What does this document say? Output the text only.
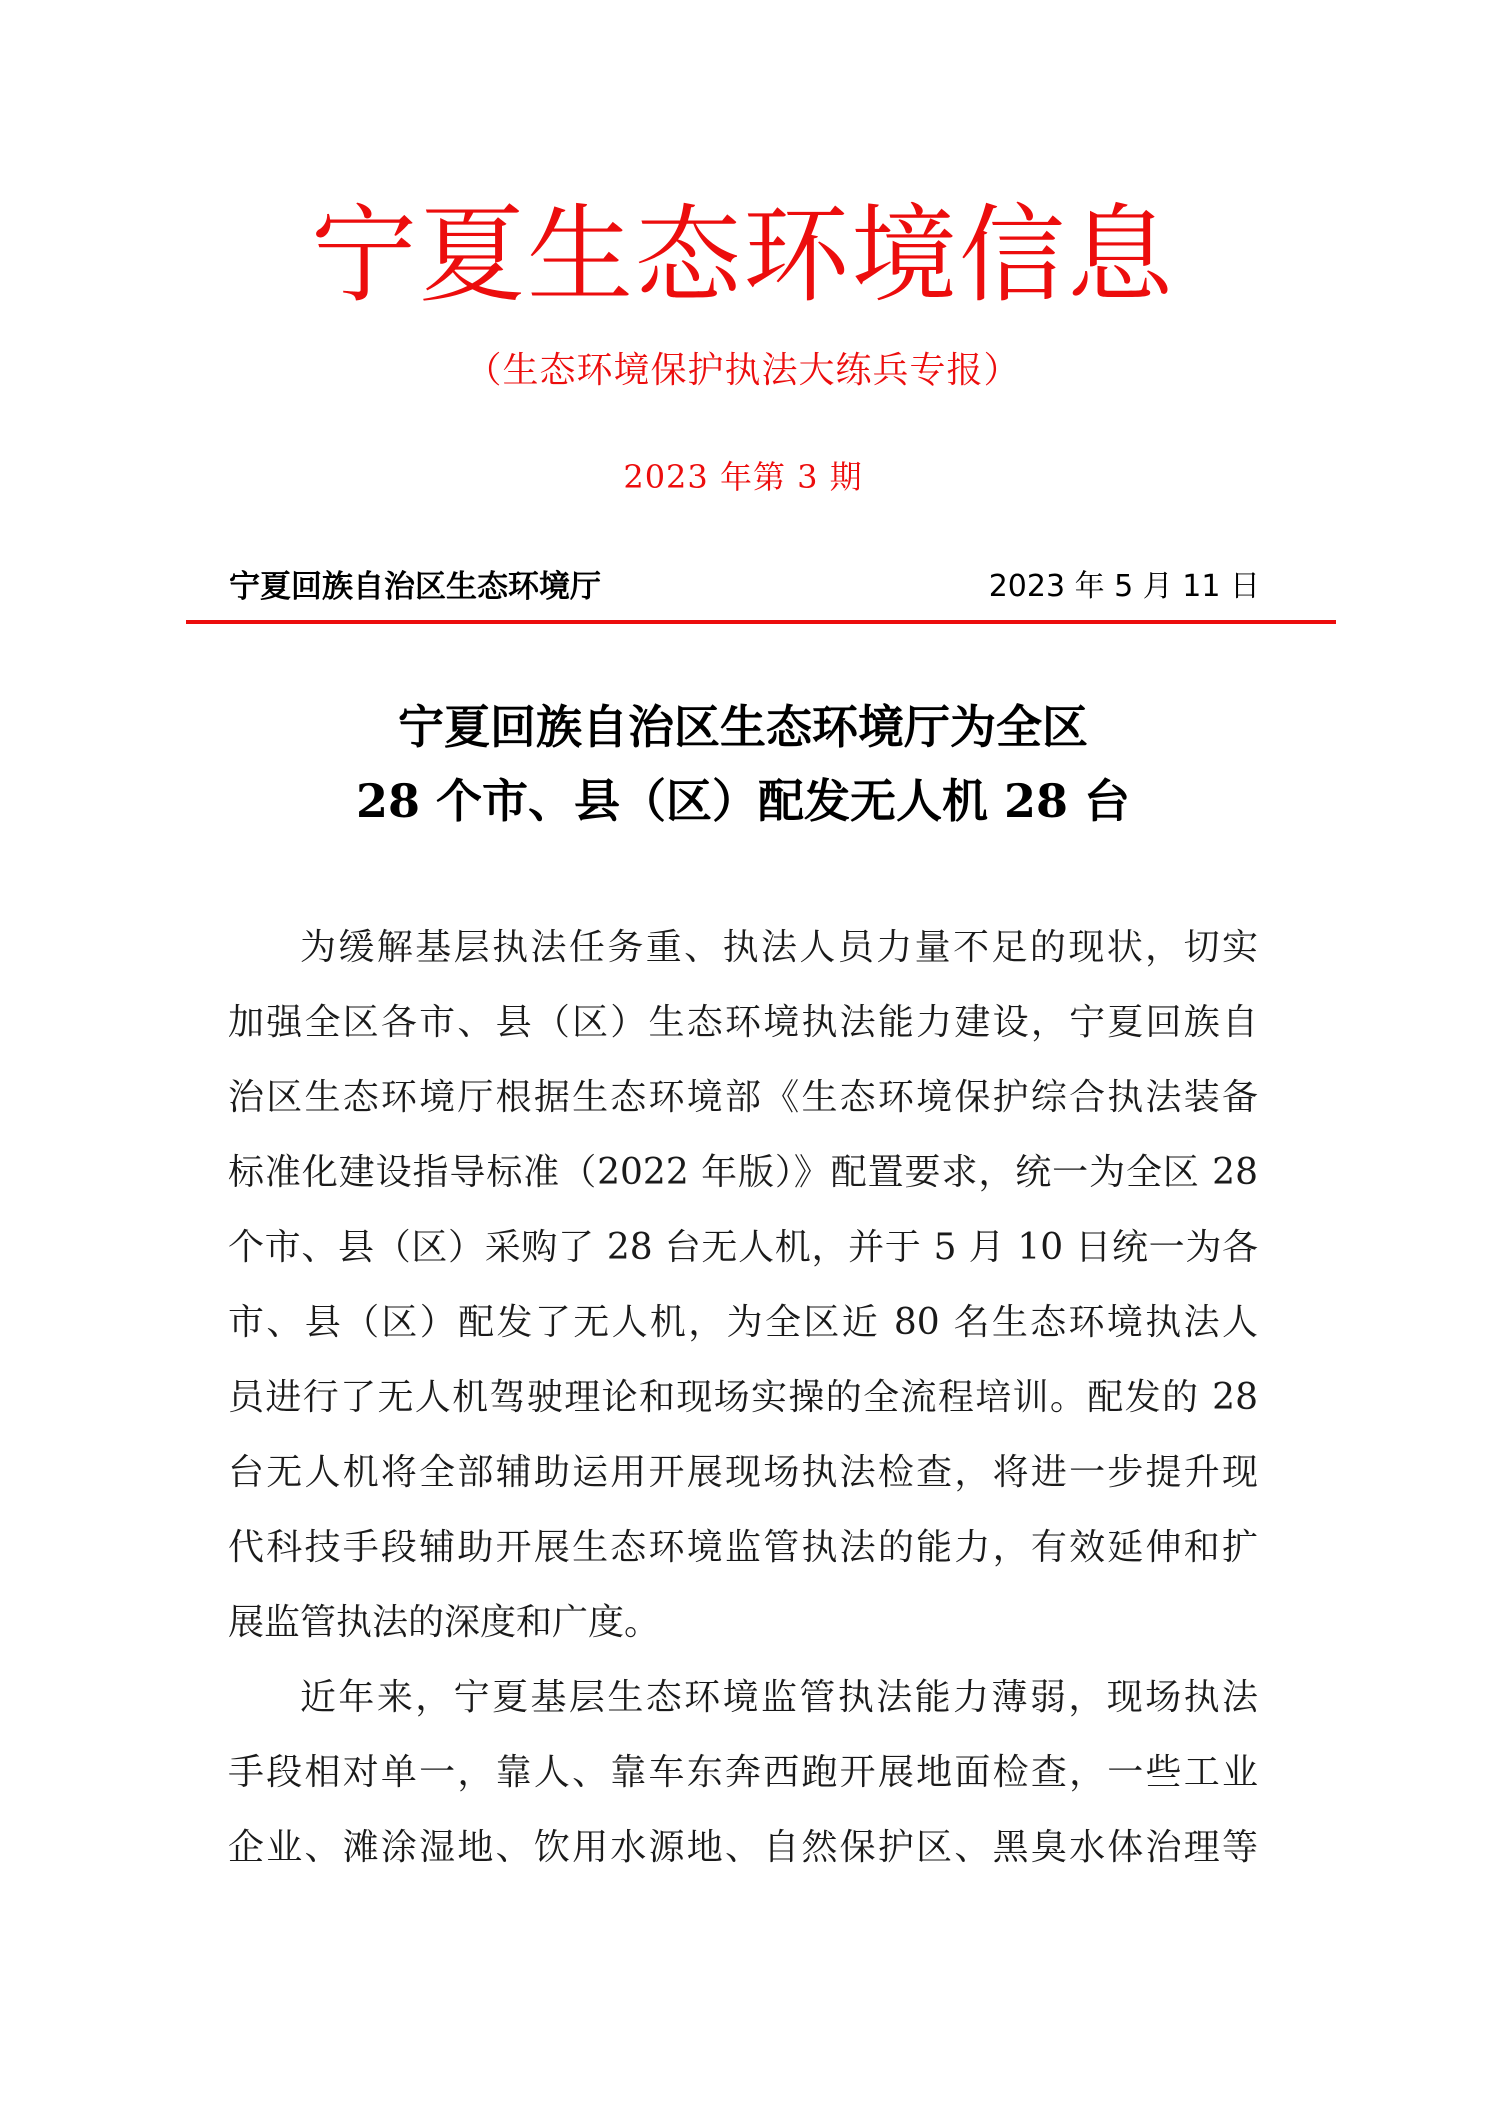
宁夏生态环境信息
（生态环境保护执法大练兵专报）
2023 年第 3 期
宁夏回族自治区生态环境厅	2023 年 5 月 11 日
宁夏回族自治区生态环境厅为全区
28 个市、县（区）配发无人机 28 台
为缓解基层执法任务重、执法人员力量不足的现状，切实
加强全区各市、县（区）生态环境执法能力建设，宁夏回族自
治区生态环境厅根据生态环境部《生态环境保护综合执法装备
标准化建设指导标准（2022 年版）》配置要求，统一为全区 28
个市、县（区）采购了 28 台无人机，并于 5 月 10 日统一为各
市、县（区）配发了无人机，为全区近 80 名生态环境执法人
员进行了无人机驾驶理论和现场实操的全流程培训。配发的 28
台无人机将全部辅助运用开展现场执法检查，将进一步提升现
代科技手段辅助开展生态环境监管执法的能力，有效延伸和扩
展监管执法的深度和广度。
近年来，宁夏基层生态环境监管执法能力薄弱，现场执法
手段相对单一，靠人、靠车东奔西跑开展地面检查，一些工业
企业、滩涂湿地、饮用水源地、自然保护区、黑臭水体治理等
